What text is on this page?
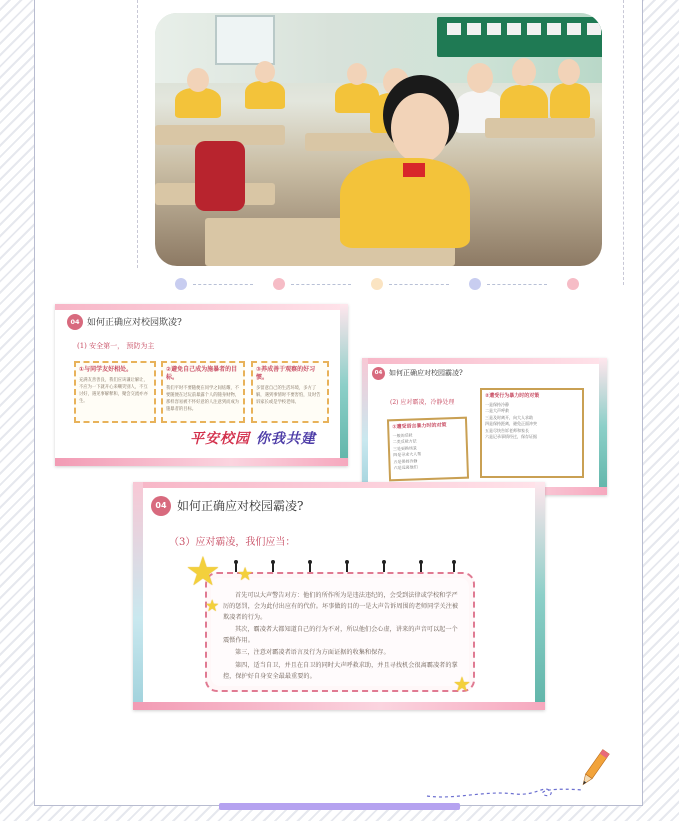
04 如何正确应对校园欺凌?
(1) 安全第一， 预防为主
①与同学友好相处。
充满友善善良，我们应该谦让解让，不应为一下就开心来嘲笑别人，不互讨好，遇见事解释和，聚会交流亦亦生。
②避免自己成为施暴者的目标。
我们平时不要随便在同学之间炫耀，不要随便在过玩前暴露个人的随身财物，那样容易被不怀好意的人注意到而成为施暴者的目标。
③养成善于观察的好习惯。
多留意自己的生活环境，多方了解，遇到事情时不要害怕，及时告诉家长或是学校老师。
平安校园 你我共建
04 如何正确应对校园霸凌?
(2) 应对霸凌，冷静处理
①遭受语言暴力时的对策
一般的反驳
二类反驳方法
三是更换场景
四是寻求大人帮
五是保持冷静
六是远离他们
②遭受行为暴力时的对策
一是保持冷静
二是大声呼救
三是及时离开，向大人求助
四是保持距离，避免正面冲突
五是尽快告诉老师和家长
六是记录事情经过，保存证据
04 如何正确应对校园霸凌?
（3）应对霸凌，我们应当：
首先可以大声警告对方：他们的所作所为是违法违纪的，会受到法律或学校和学严厉的惩罚，会为此付出应有的代价。坏事做的目的一是大声告诉周围的老师同学关注被欺凌者的行为。
其次，霸凌者大都知道自己的行为不对，所以他们会心虚，讲来的声音可以起一个震慑作用。
第三，注意对霸凌者语言及行为方面证据的收集和保存。
第四，适当自卫，并且在自卫的同时大声呼救求助，并且寻找机会很离霸凌者的掌控，保护好自身安全最最重要的。
★ ★
★
★
